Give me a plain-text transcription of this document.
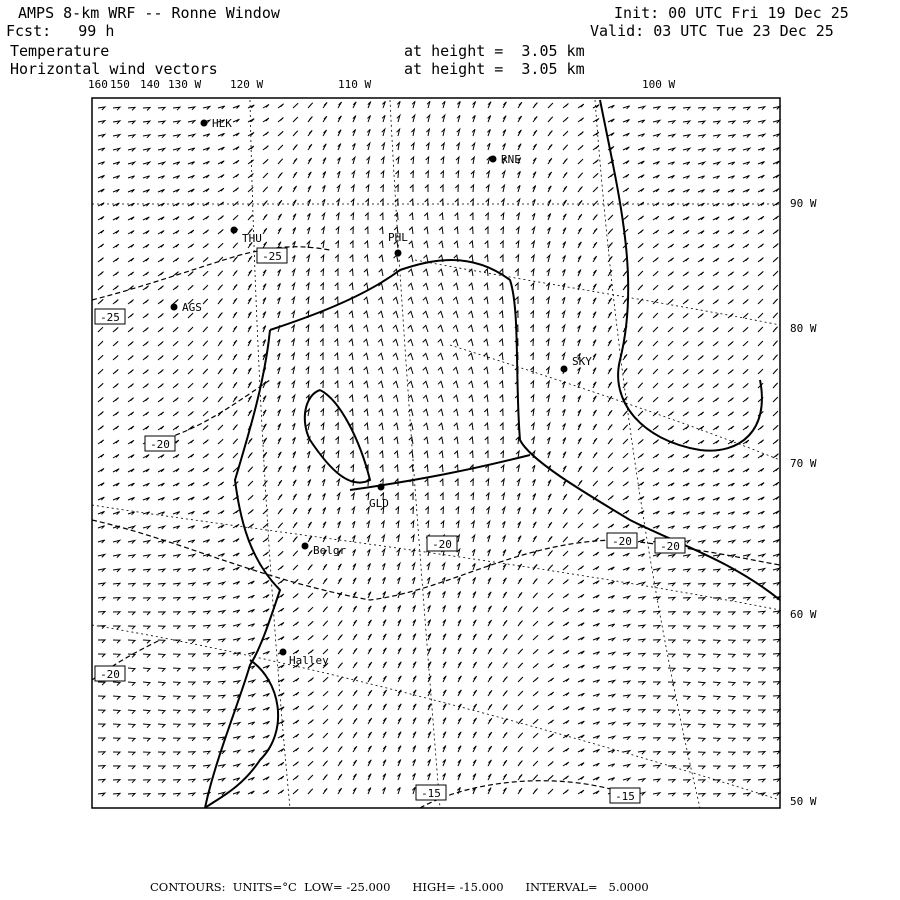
AMPS 8-km WRF -- Ronne Window
Fcst:   99 h
Init: 00 UTC Fri 19 Dec 25
Valid: 03 UTC Tue 23 Dec 25
Temperature
Horizontal wind vectors
at height =  3.05 km
at height =  3.05 km
160 150 140 130 W	120 W	110 W	100 W
90 W
80 W
70 W
60 W
50 W
HLK
RNE
THU	PHL
AGS
SKY
GLD
Belgr
Halley
-25
-25
-20
-20	-20	-20
-20
-15	-15
CONTOURS:  UNITS=°C  LOW= -25.000      HIGH= -15.000      INTERVAL=   5.0000
